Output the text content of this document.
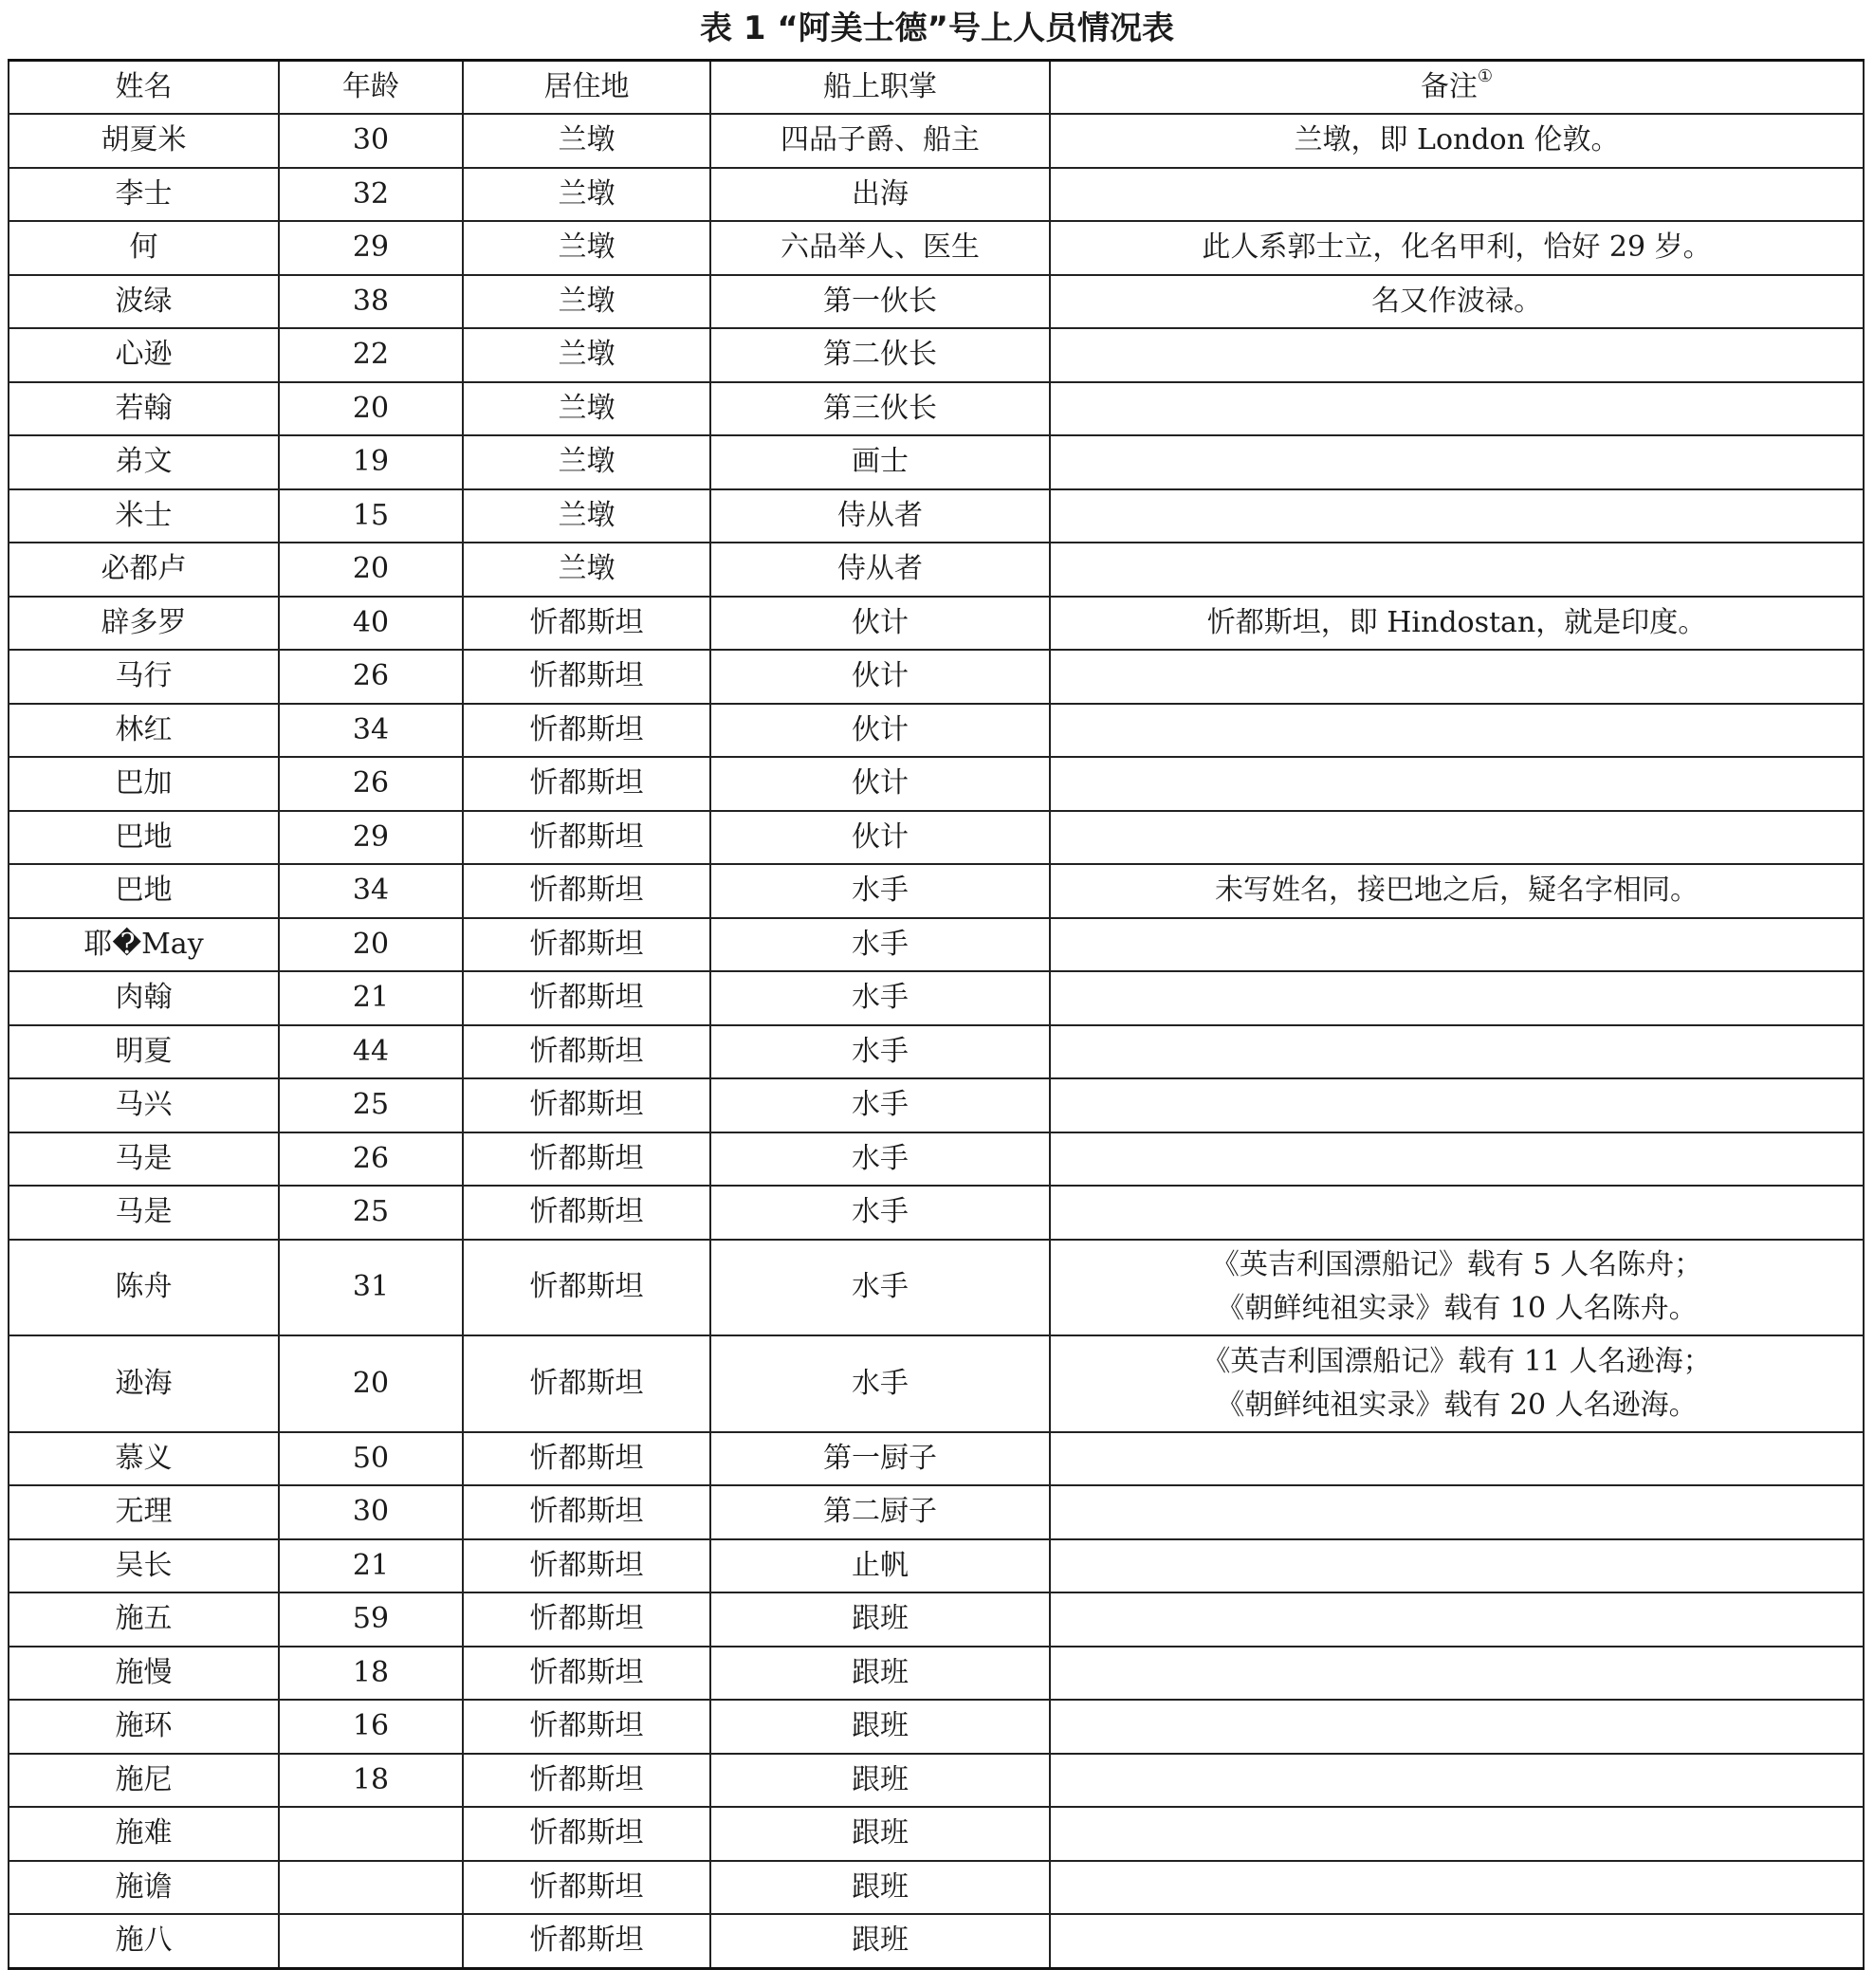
表 1 “阿美士德”号上人员情况表
姓名	年龄	居住地	船上职掌	备注①
胡夏米	30	兰墩	四品子爵、船主	兰墩，即 London 伦敦。
李士	32	兰墩	出海	
何	29	兰墩	六品举人、医生	此人系郭士立，化名甲利，恰好 29 岁。
波绿	38	兰墩	第一伙长	名又作波禄。
心逊	22	兰墩	第二伙长	
若翰	20	兰墩	第三伙长	
弟文	19	兰墩	画士	
米士	15	兰墩	侍从者	
必都卢	20	兰墩	侍从者	
辟多罗	40	忻都斯坦	伙计	忻都斯坦，即 Hindostan，就是印度。
马行	26	忻都斯坦	伙计	
林红	34	忻都斯坦	伙计	
巴加	26	忻都斯坦	伙计	
巴地	29	忻都斯坦	伙计	
巴地	34	忻都斯坦	水手	未写姓名，接巴地之后，疑名字相同。
耶�May	20	忻都斯坦	水手	
肉翰	21	忻都斯坦	水手	
明夏	44	忻都斯坦	水手	
马兴	25	忻都斯坦	水手	
马是	26	忻都斯坦	水手	
马是	25	忻都斯坦	水手	
陈舟	31	忻都斯坦	水手	《英吉利国漂船记》载有 5 人名陈舟；
《朝鲜纯祖实录》载有 10 人名陈舟。
逊海	20	忻都斯坦	水手	《英吉利国漂船记》载有 11 人名逊海；
《朝鲜纯祖实录》载有 20 人名逊海。
慕义	50	忻都斯坦	第一厨子	
无理	30	忻都斯坦	第二厨子	
吴长	21	忻都斯坦	止帆	
施五	59	忻都斯坦	跟班	
施慢	18	忻都斯坦	跟班	
施环	16	忻都斯坦	跟班	
施尼	18	忻都斯坦	跟班	
施难		忻都斯坦	跟班	
施谵		忻都斯坦	跟班	
施八		忻都斯坦	跟班	
